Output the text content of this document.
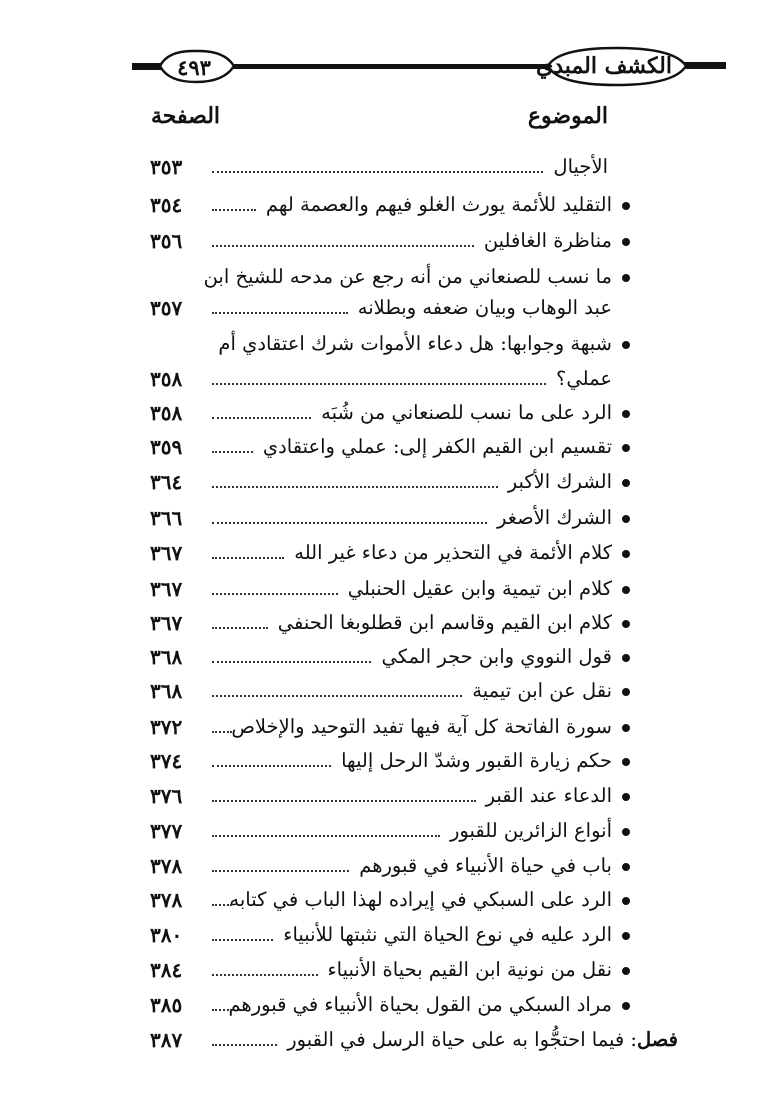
الكشف المبدي
٤٩٣
الموضوع
الصفحة
الأجيال
٣٥٣
التقليد للأئمة يورث الغلو فيهم والعصمة لهم
٣٥٤
مناظرة الغافلين
٣٥٦
ما نسب للصنعاني من أنه رجع عن مدحه للشيخ ابن
عبد الوهاب وبيان ضعفه وبطلانه
٣٥٧
شبهة وجوابها: هل دعاء الأموات شرك اعتقادي أم
عملي؟
٣٥٨
الرد على ما نسب للصنعاني من شُبَه
٣٥٨
تقسيم ابن القيم الكفر إلى: عملي واعتقادي
٣٥٩
الشرك الأكبر
٣٦٤
الشرك الأصغر
٣٦٦
كلام الأئمة في التحذير من دعاء غير الله
٣٦٧
كلام ابن تيمية وابن عقيل الحنبلي
٣٦٧
كلام ابن القيم وقاسم ابن قطلوبغا الحنفي
٣٦٧
قول النووي وابن حجر المكي
٣٦٨
نقل عن ابن تيمية
٣٦٨
سورة الفاتحة كل آية فيها تفيد التوحيد والإخلاص
٣٧٢
حكم زيارة القبور وشدّ الرحل إليها
٣٧٤
الدعاء عند القبر
٣٧٦
أنواع الزائرين للقبور
٣٧٧
باب في حياة الأنبياء في قبورهم
٣٧٨
الرد على السبكي في إيراده لهذا الباب في كتابه
٣٧٨
الرد عليه في نوع الحياة التي نثبتها للأنبياء
٣٨٠
نقل من نونية ابن القيم بحياة الأنبياء
٣٨٤
مراد السبكي من القول بحياة الأنبياء في قبورهم
٣٨٥
فصل: فيما احتجُّوا به على حياة الرسل في القبور
٣٨٧
